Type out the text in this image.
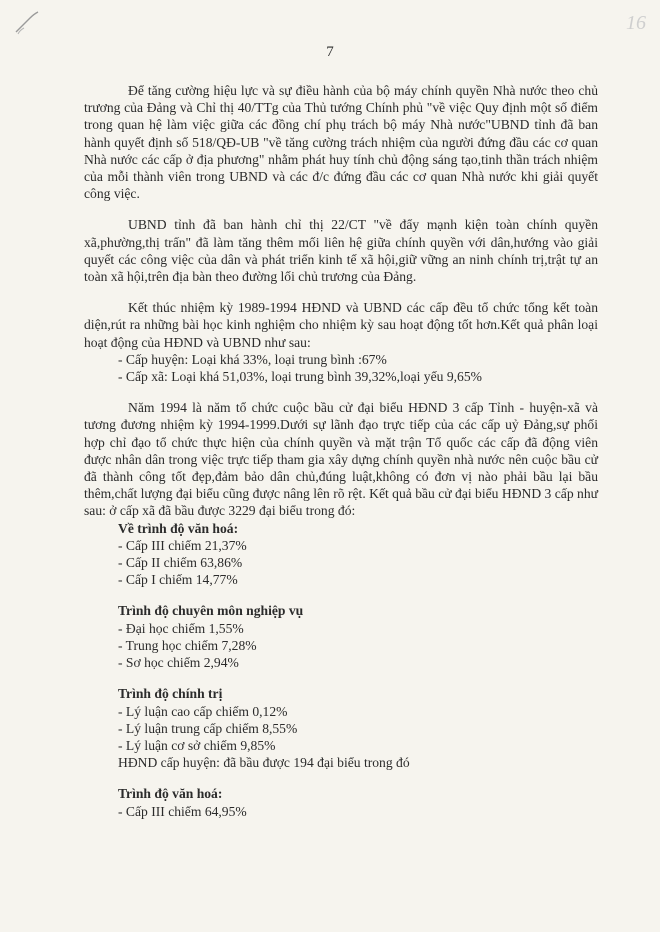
16
7

Để tăng cường hiệu lực và sự điều hành của bộ máy chính quyền Nhà nước theo chủ trương của Đảng và Chỉ thị 40/TTg của Thủ tướng Chính phủ "về việc Quy định một số điểm trong quan hệ làm việc giữa các đồng chí phụ trách bộ máy Nhà nước"UBND tỉnh đã ban hành quyết định số 518/QĐ-UB "về tăng cường trách nhiệm của người đứng đầu các cơ quan Nhà nước các cấp ở địa phương" nhằm phát huy tính chủ động sáng tạo,tinh thần trách nhiệm của mỗi thành viên trong UBND và các đ/c đứng đầu các cơ quan Nhà nước khi giải quyết công việc.

UBND tỉnh đã ban hành chỉ thị 22/CT "về đẩy mạnh kiện toàn chính quyền xã,phường,thị trấn" đã làm tăng thêm mối liên hệ giữa chính quyền với dân,hướng vào giải quyết các công việc của dân và phát triển kinh tế xã hội,giữ vững an ninh chính trị,trật tự an toàn xã hội,trên địa bàn theo đường lối chủ trương của Đảng.

Kết thúc nhiệm kỳ 1989-1994 HĐND và UBND các cấp đều tổ chức tổng kết toàn diện,rút ra những bài học kinh nghiệm cho nhiệm kỳ sau hoạt động tốt hơn.Kết quả phân loại hoạt động của HĐND và UBND như sau:

- Cấp huyện: Loại khá 33%, loại trung bình :67%
- Cấp xã: Loại khá 51,03%, loại trung bình 39,32%,loại yếu 9,65%

Năm 1994 là năm tổ chức cuộc bầu cử đại biểu HĐND 3 cấp Tỉnh - huyện-xã và tương đương nhiệm kỳ 1994-1999.Dưới sự lãnh đạo trực tiếp của các cấp uỷ Đảng,sự phối hợp chỉ đạo tổ chức thực hiện của chính quyền và mặt trận Tổ quốc các cấp đã động viên được nhân dân trong việc trực tiếp tham gia xây dựng chính quyền nhà nước nên cuộc bầu cử đã thành công tốt đẹp,đảm bảo dân chủ,đúng luật,không có đơn vị nào phải bầu lại bầu thêm,chất lượng đại biểu cũng được nâng lên rõ rệt. Kết quả bầu cử đại biểu HĐND 3 cấp như sau: ở cấp xã đã bầu được 3229 đại biểu trong đó:

Về trình độ văn hoá:
- Cấp III chiếm 21,37%
- Cấp II chiếm 63,86%
- Cấp I chiếm 14,77%
Trình độ chuyên môn nghiệp vụ
- Đại học chiếm 1,55%
- Trung học chiếm 7,28%
- Sơ học chiếm 2,94%
Trình độ chính trị
- Lý luận cao cấp chiếm 0,12%
- Lý luận trung cấp chiếm 8,55%
- Lý luận cơ sở chiếm 9,85%
HĐND cấp huyện: đã bầu được 194 đại biểu trong đó
Trình độ văn hoá:
- Cấp III chiếm 64,95%
